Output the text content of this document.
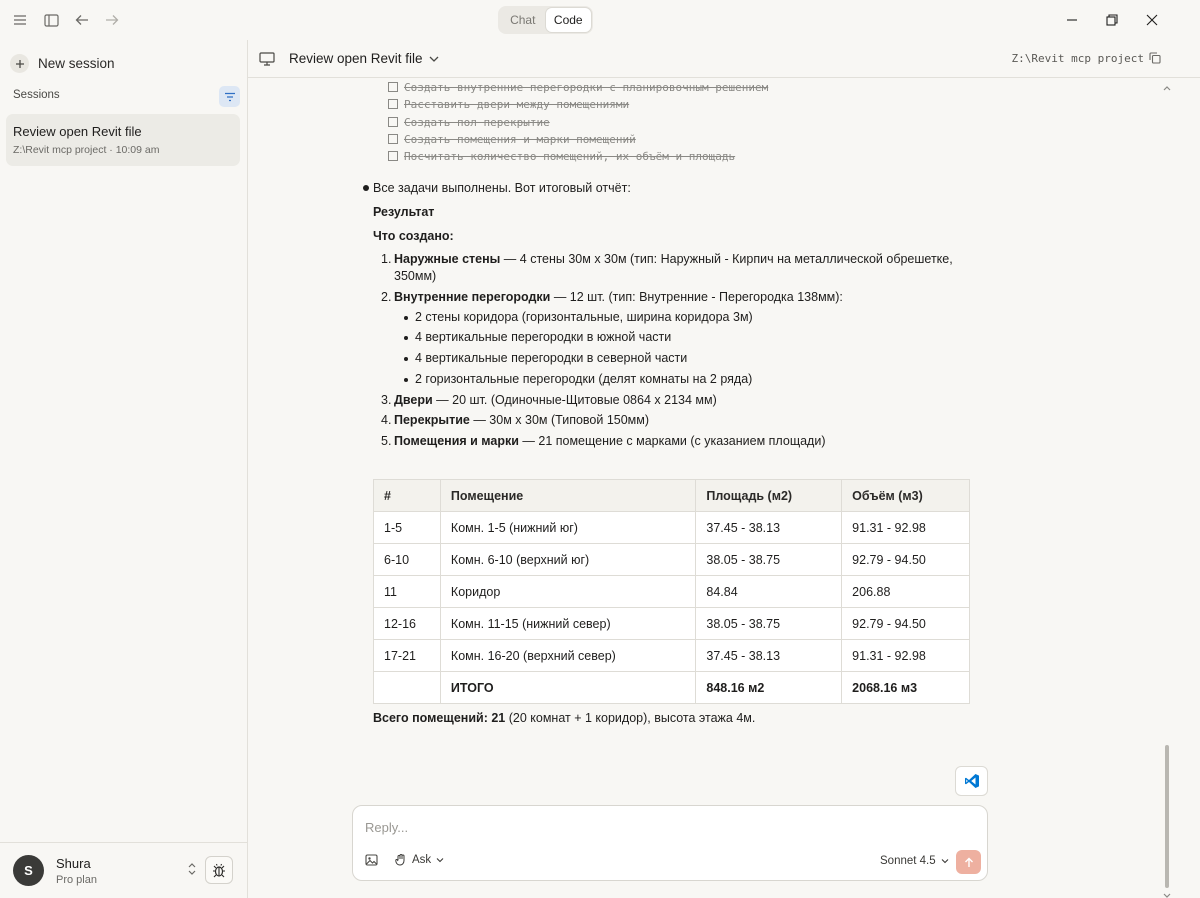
Chat	Code
New session
Sessions
Review open Revit file
Z:\Revit mcp project · 10:09 am
S	Shura
Pro plan
Review open Revit file	Z:\Revit mcp project
Создать внутренние перегородки с планировочным решением
Расставить двери между помещениями
Создать пол перекрытие
Создать помещения и марки помещений
Посчитать количество помещений, их объём и площадь
Все задачи выполнены. Вот итоговый отчёт:
Результат
Что создано:
1. Наружные стены — 4 стены 30м x 30м (тип: Наружный - Кирпич на металлической обрешетке, 350мм)
2. Внутренние перегородки — 12 шт. (тип: Внутренние - Перегородка 138мм):
2 стены коридора (горизонтальные, ширина коридора 3м)
4 вертикальные перегородки в южной части
4 вертикальные перегородки в северной части
2 горизонтальные перегородки (делят комнаты на 2 ряда)
3. Двери — 20 шт. (Одиночные-Щитовые 0864 x 2134 мм)
4. Перекрытие — 30м x 30м (Типовой 150мм)
5. Помещения и марки — 21 помещение с марками (с указанием площади)
#	Помещение	Площадь (м2)	Объём (м3)
1-5	Комн. 1-5 (нижний юг)	37.45 - 38.13	91.31 - 92.98
6-10	Комн. 6-10 (верхний юг)	38.05 - 38.75	92.79 - 94.50
11	Коридор	84.84	206.88
12-16	Комн. 11-15 (нижний север)	38.05 - 38.75	92.79 - 94.50
17-21	Комн. 16-20 (верхний север)	37.45 - 38.13	91.31 - 92.98
	ИТОГО	848.16 м2	2068.16 м3
Всего помещений: 21 (20 комнат + 1 коридор), высота этажа 4м.
Reply...
Ask	Sonnet 4.5
